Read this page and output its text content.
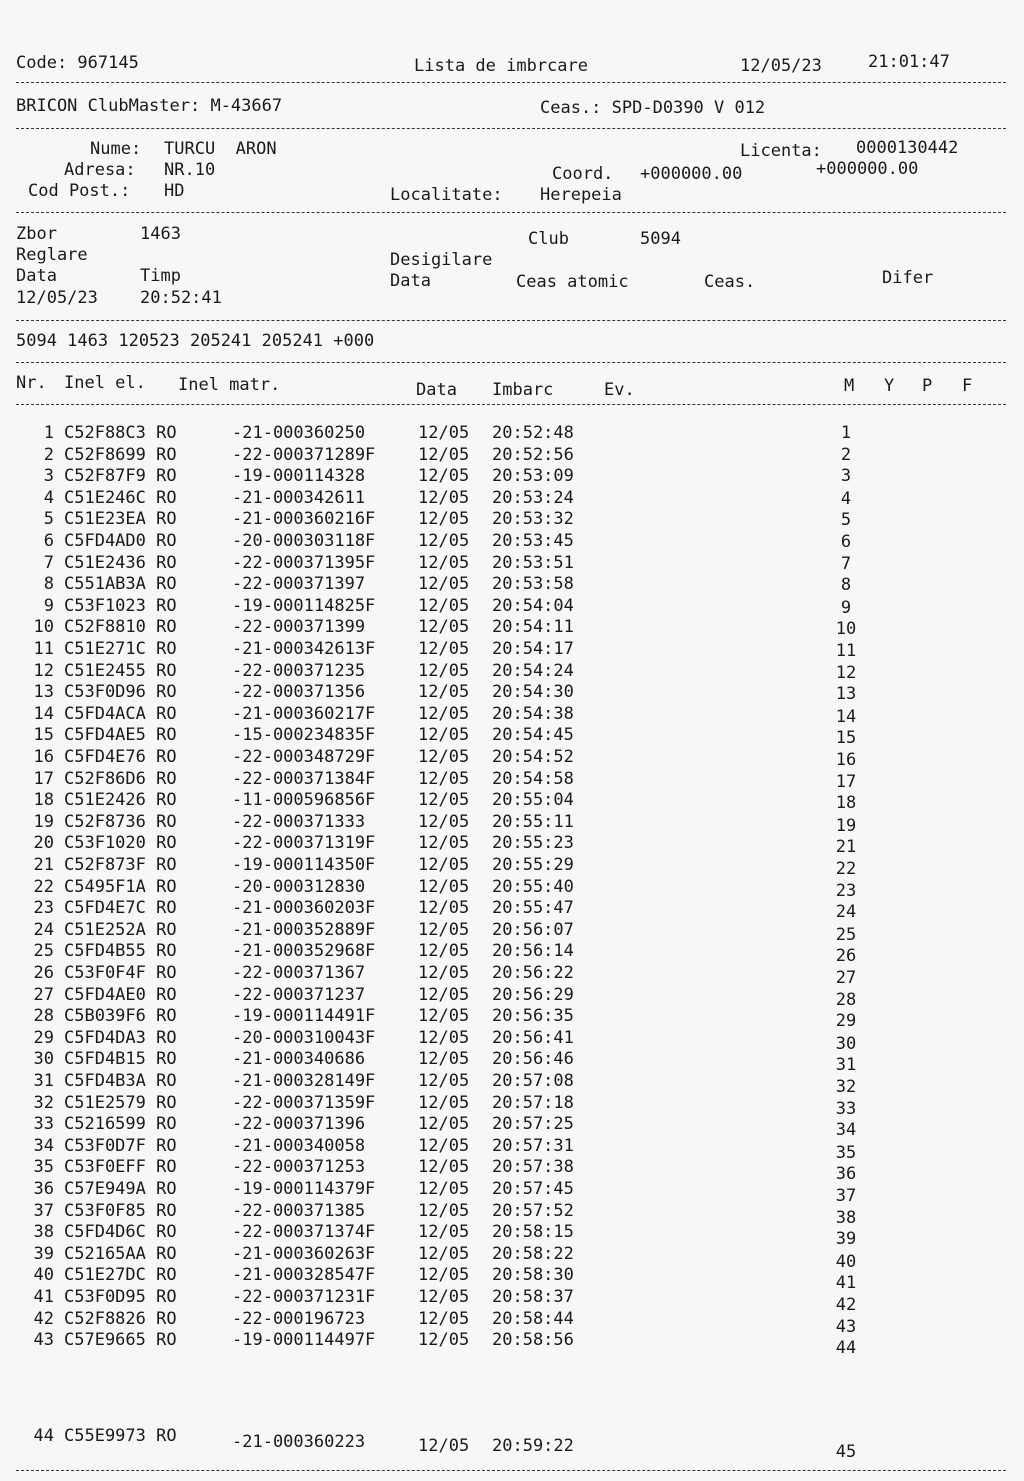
Code: 967145	Lista de imbrcare	12/05/23	21:01:47
BRICON ClubMaster: M-43667	Ceas.: SPD-D0390 V 012
Nume: TURCU  ARON	Licenta: 0000130442
Adresa: NR.10	Coord. +000000.00	+000000.00
Cod Post.: HD	Localitate: Herepeia
Zbor	1463	Club	5094
Reglare	Desigilare
Data	Timp	Data	Ceas atomic	Ceas.	Difer
12/05/23 20:52:41
5094 1463 120523 205241 205241 +000
Nr. Inel el. Inel matr.	Data Imbarc	Ev.	M Y P F
1 C52F88C3 RO	-21-000360250	12/05 20:52:48	1
2 C52F8699 RO	-22-000371289F	12/05 20:52:56	2
3 C52F87F9 RO	-19-000114328	12/05 20:53:09	3
4 C51E246C RO	-21-000342611	12/05 20:53:24	4
5 C51E23EA RO	-21-000360216F	12/05 20:53:32	5
6 C5FD4AD0 RO	-20-000303118F	12/05 20:53:45	6
7 C51E2436 RO	-22-000371395F	12/05 20:53:51	7
8 C551AB3A RO	-22-000371397	12/05 20:53:58	8
9 C53F1023 RO	-19-000114825F	12/05 20:54:04	9
10 C52F8810 RO	-22-000371399	12/05 20:54:11	10
11 C51E271C RO	-21-000342613F	12/05 20:54:17	11
12 C51E2455 RO	-22-000371235	12/05 20:54:24	12
13 C53F0D96 RO	-22-000371356	12/05 20:54:30	13
14 C5FD4ACA RO	-21-000360217F	12/05 20:54:38	14
15 C5FD4AE5 RO	-15-000234835F	12/05 20:54:45	15
16 C5FD4E76 RO	-22-000348729F	12/05 20:54:52	16
17 C52F86D6 RO	-22-000371384F	12/05 20:54:58	17
18 C51E2426 RO	-11-000596856F	12/05 20:55:04	18
19 C52F8736 RO	-22-000371333	12/05 20:55:11	19
20 C53F1020 RO	-22-000371319F	12/05 20:55:23	21
21 C52F873F RO	-19-000114350F	12/05 20:55:29	22
22 C5495F1A RO	-20-000312830	12/05 20:55:40	23
23 C5FD4E7C RO	-21-000360203F	12/05 20:55:47	24
24 C51E252A RO	-21-000352889F	12/05 20:56:07	25
25 C5FD4B55 RO	-21-000352968F	12/05 20:56:14	26
26 C53F0F4F RO	-22-000371367	12/05 20:56:22	27
27 C5FD4AE0 RO	-22-000371237	12/05 20:56:29	28
28 C5B039F6 RO	-19-000114491F	12/05 20:56:35	29
29 C5FD4DA3 RO	-20-000310043F	12/05 20:56:41	30
30 C5FD4B15 RO	-21-000340686	12/05 20:56:46	31
31 C5FD4B3A RO	-21-000328149F	12/05 20:57:08	32
32 C51E2579 RO	-22-000371359F	12/05 20:57:18	33
33 C5216599 RO	-22-000371396	12/05 20:57:25	34
34 C53F0D7F RO	-21-000340058	12/05 20:57:31	35
35 C53F0EFF RO	-22-000371253	12/05 20:57:38	36
36 C57E949A RO	-19-000114379F	12/05 20:57:45	37
37 C53F0F85 RO	-22-000371385	12/05 20:57:52	38
38 C5FD4D6C RO	-22-000371374F	12/05 20:58:15	39
39 C52165AA RO	-21-000360263F	12/05 20:58:22	40
40 C51E27DC RO	-21-000328547F	12/05 20:58:30	41
41 C53F0D95 RO	-22-000371231F	12/05 20:58:37	42
42 C52F8826 RO	-22-000196723	12/05 20:58:44	43
43 C57E9665 RO	-19-000114497F	12/05 20:58:56	44
44 C55E9973 RO	-21-000360223	12/05 20:59:22	45
